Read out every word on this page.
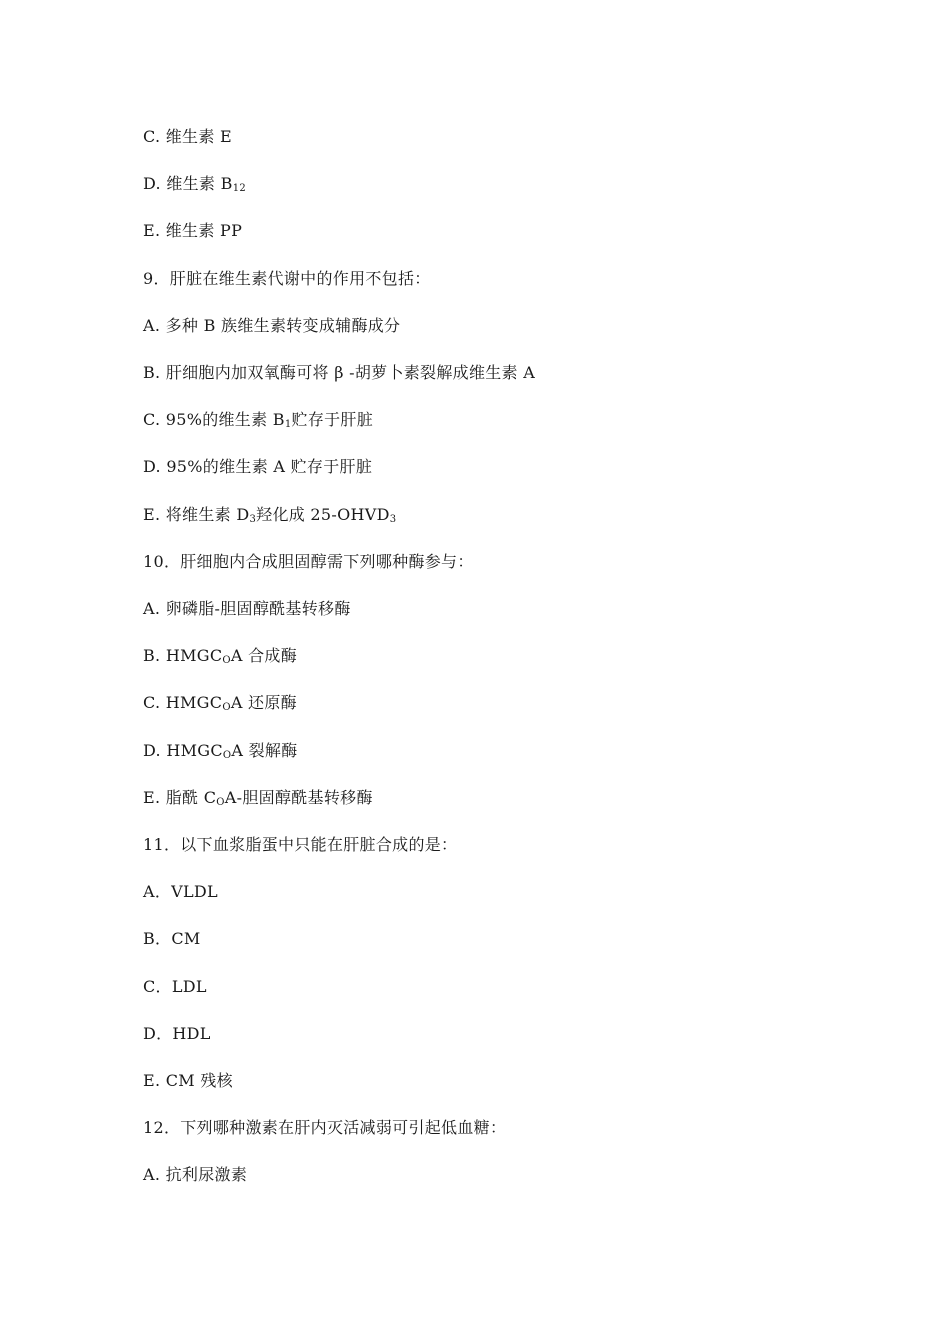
C. 维生素 E
D. 维生素 $B_{12}$
E. 维生素 PP
9．肝脏在维生素代谢中的作用不包括：
A. 多种 B 族维生素转变成辅酶成分
B. 肝细胞内加双氧酶可将 β -胡萝卜素裂解成维生素 A
C. 95%的维生素 $B_1$贮存于肝脏
D. 95%的维生素 A 贮存于肝脏
E. 将维生素 $D_3$羟化成 $25-OHVD_3$
10．肝细胞内合成胆固醇需下列哪种酶参与：
A. 卵磷脂-胆固醇酰基转移酶
B. $HMGC_OA$ 合成酶
C. $HMGC_OA$ 还原酶
D. $HMGC_OA$ 裂解酶
E. 脂酰 $C_OA-$胆固醇酰基转移酶
11．以下血浆脂蛋中只能在肝脏合成的是：
A．VLDL
B．CM
C．LDL
D．HDL
E. CM 残核
12．下列哪种激素在肝内灭活减弱可引起低血糖：
A. 抗利尿激素
